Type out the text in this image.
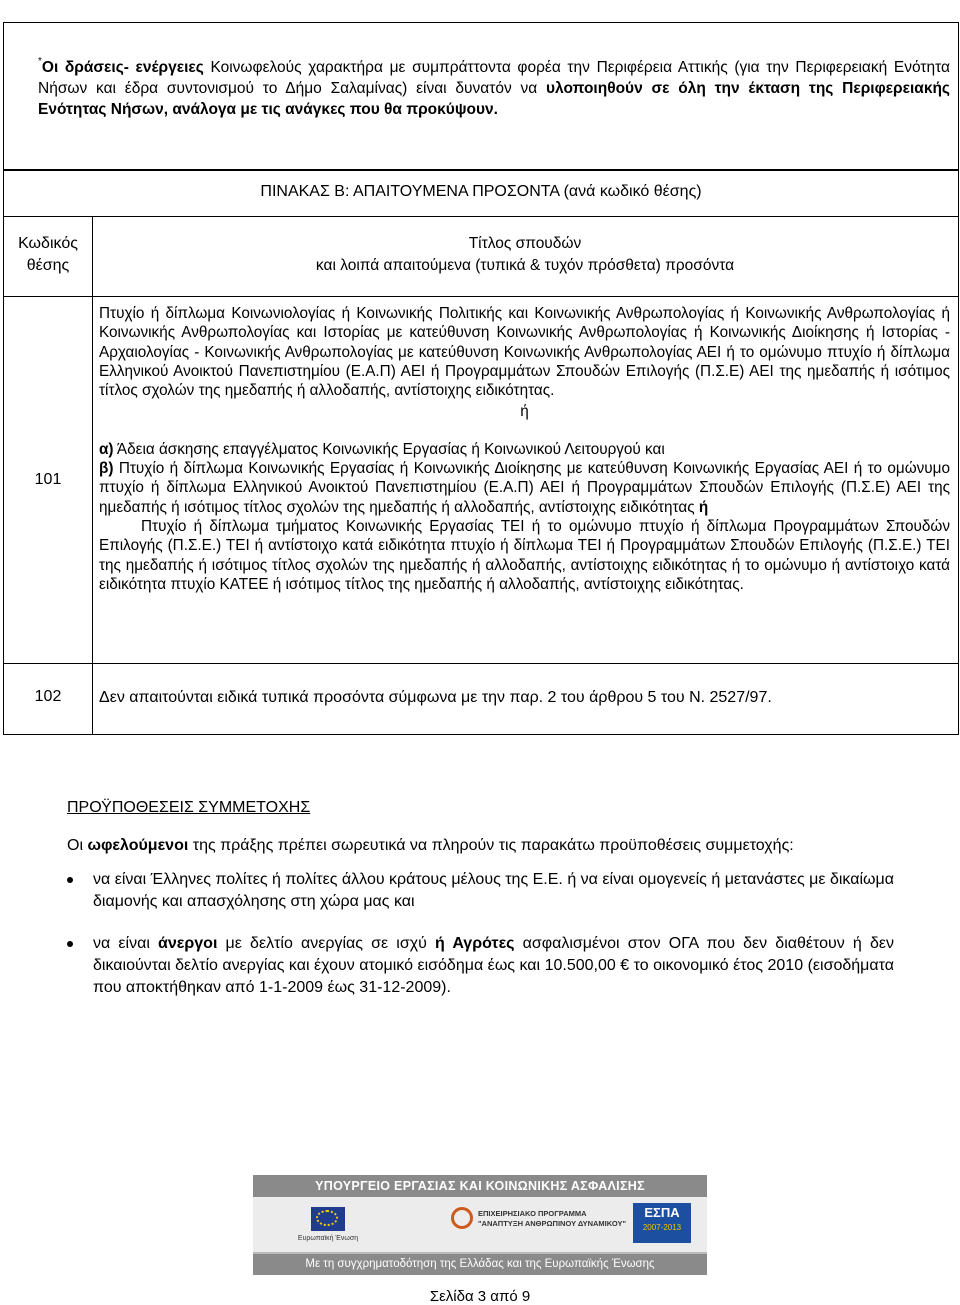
*Οι δράσεις- ενέργειες Κοινωφελούς χαρακτήρα με συμπράττοντα φορέα την Περιφέρεια Αττικής (για την Περιφερειακή Ενότητα Νήσων και έδρα συντονισμού το Δήμο Σαλαμίνας) είναι δυνατόν να υλοποιηθούν σε όλη την έκταση της Περιφερειακής Ενότητας Νήσων, ανάλογα με τις ανάγκες που θα προκύψουν.
ΠΙΝΑΚΑΣ Β: ΑΠΑΙΤΟΥΜΕΝΑ ΠΡΟΣΟΝΤΑ (ανά κωδικό θέσης)
Κωδικός
θέσης
Τίτλος σπουδών
και λοιπά απαιτούμενα (τυπικά & τυχόν πρόσθετα) προσόντα
101
Πτυχίο ή δίπλωμα Κοινωνιολογίας ή Κοινωνικής Πολιτικής και Κοινωνικής Ανθρωπολογίας ή Κοινωνικής Ανθρωπολογίας ή Κοινωνικής Ανθρωπολογίας και Ιστορίας με κατεύθυνση Κοινωνικής Ανθρωπολογίας ή Κοινωνικής Διοίκησης ή Ιστορίας - Αρχαιολογίας - Κοινωνικής Ανθρωπολογίας με κατεύθυνση Κοινωνικής Ανθρωπολογίας ΑΕΙ ή το ομώνυμο πτυχίο ή δίπλωμα Ελληνικού Ανοικτού Πανεπιστημίου (Ε.Α.Π) ΑΕΙ ή Προγραμμάτων Σπουδών Επιλογής (Π.Σ.Ε) ΑΕΙ της ημεδαπής ή ισότιμος τίτλος σχολών της ημεδαπής ή αλλοδαπής, αντίστοιχης ειδικότητας.
ή
α) Άδεια άσκησης επαγγέλματος Κοινωνικής Εργασίας ή Κοινωνικού Λειτουργού και
β) Πτυχίο ή δίπλωμα Κοινωνικής Εργασίας ή Κοινωνικής Διοίκησης με κατεύθυνση Κοινωνικής Εργασίας ΑΕΙ ή το ομώνυμο πτυχίο ή δίπλωμα Ελληνικού Ανοικτού Πανεπιστημίου (Ε.Α.Π) ΑΕΙ ή Προγραμμάτων Σπουδών Επιλογής (Π.Σ.Ε) ΑΕΙ της ημεδαπής ή ισότιμος τίτλος σχολών της ημεδαπής ή αλλοδαπής, αντίστοιχης ειδικότητας ή
Πτυχίο ή δίπλωμα τμήματος Κοινωνικής Εργασίας ΤΕΙ ή το ομώνυμο πτυχίο ή δίπλωμα Προγραμμάτων Σπουδών Επιλογής (Π.Σ.Ε.) ΤΕΙ ή αντίστοιχο κατά ειδικότητα πτυχίο ή δίπλωμα ΤΕΙ ή Προγραμμάτων Σπουδών Επιλογής (Π.Σ.Ε.) ΤΕΙ της ημεδαπής ή ισότιμος τίτλος σχολών της ημεδαπής ή αλλοδαπής, αντίστοιχης ειδικότητας ή το ομώνυμο ή αντίστοιχο κατά ειδικότητα πτυχίο ΚΑΤΕΕ ή ισότιμος τίτλος της ημεδαπής ή αλλοδαπής, αντίστοιχης ειδικότητας.
102	Δεν απαιτούνται ειδικά τυπικά προσόντα σύμφωνα με την παρ. 2 του άρθρου 5 του Ν. 2527/97.
ΠΡΟΫΠΟΘΕΣΕΙΣ ΣΥΜΜΕΤΟΧΗΣ

Οι ωφελούμενοι της πράξης πρέπει σωρευτικά να πληρούν τις παρακάτω προϋποθέσεις συμμετοχής:

να είναι Έλληνες πολίτες ή πολίτες άλλου κράτους μέλους της Ε.Ε. ή να είναι ομογενείς ή μετανάστες με δικαίωμα διαμονής και απασχόλησης στη χώρα μας και
να είναι άνεργοι με δελτίο ανεργίας σε ισχύ ή Αγρότες ασφαλισμένοι στον ΟΓΑ που δεν διαθέτουν ή δεν δικαιούνται δελτίο ανεργίας και έχουν ατομικό εισόδημα έως και 10.500,00 € το οικονομικό έτος 2010 (εισοδήματα που αποκτήθηκαν από 1-1-2009 έως 31-12-2009).
ΥΠΟΥΡΓΕΙΟ ΕΡΓΑΣΙΑΣ ΚΑΙ ΚΟΙΝΩΝΙΚΗΣ ΑΣΦΑΛΙΣΗΣ
Ευρωπαϊκή Ένωση
ΕΠΙΧΕΙΡΗΣΙΑΚΟ ΠΡΟΓΡΑΜΜΑ
"ΑΝΑΠΤΥΞΗ ΑΝΘΡΩΠΙΝΟΥ ΔΥΝΑΜΙΚΟΥ"
ΕΣΠΑ
2007-2013
Με τη συγχρηματοδότηση της Ελλάδας και της Ευρωπαϊκής Ένωσης
Σελίδα 3 από 9
